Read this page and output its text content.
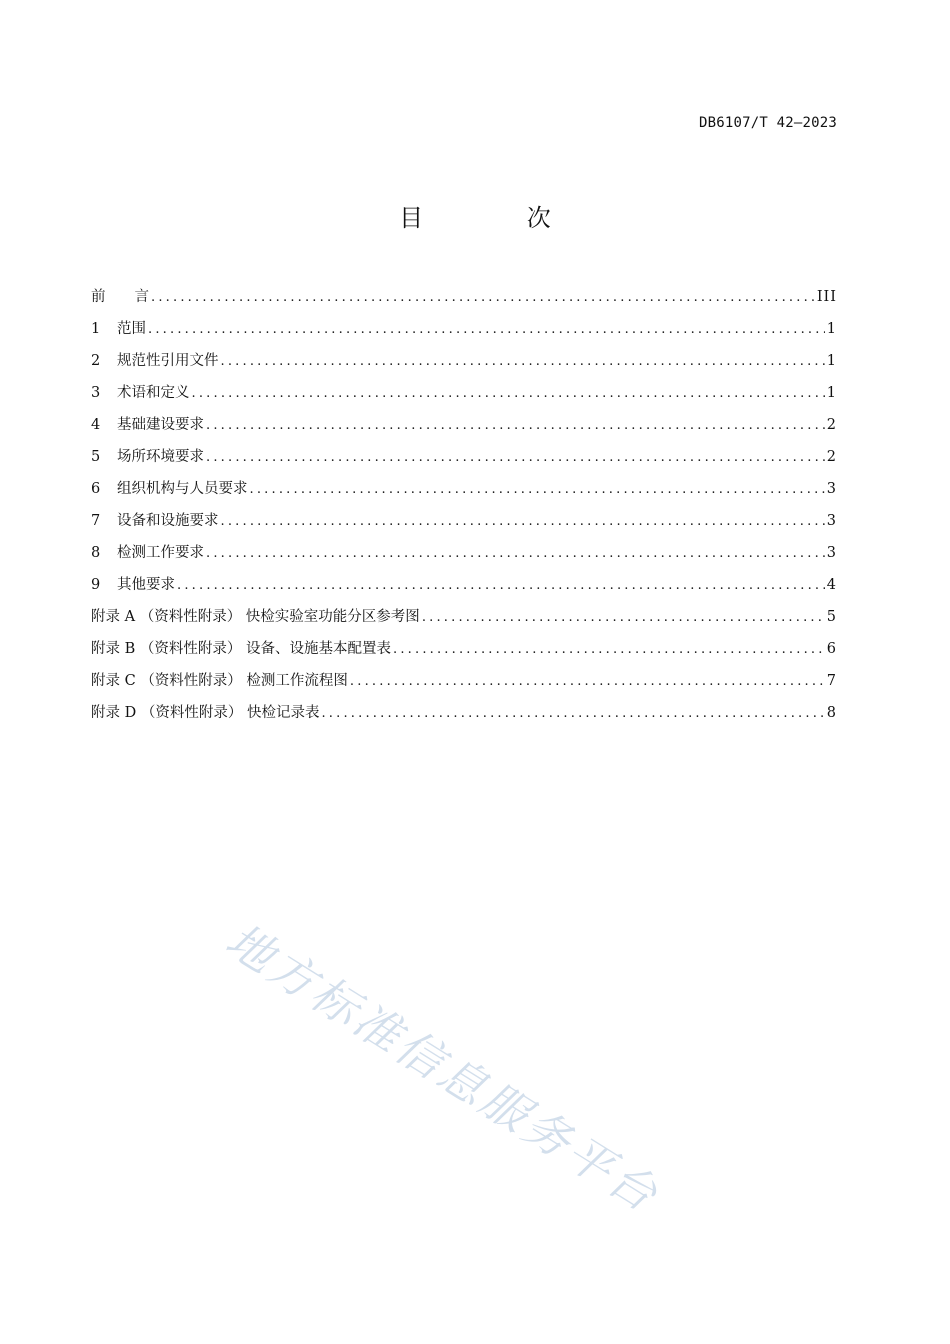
DB6107/T 42—2023
目 次
前　　言 .....	III
1	范围 .....	1
2	规范性引用文件 .....	1
3	术语和定义 .....	1
4	基础建设要求 .....	2
5	场所环境要求 .....	2
6	组织机构与人员要求 .....	3
7	设备和设施要求 .....	3
8	检测工作要求 .....	3
9	其他要求 .....	4
附录 A （资料性附录） 快检实验室功能分区参考图 .....	5
附录 B （资料性附录） 设备、设施基本配置表 .....	6
附录 C （资料性附录） 检测工作流程图 .....	7
附录 D （资料性附录） 快检记录表 .....	8
地方标准信息服务平台
